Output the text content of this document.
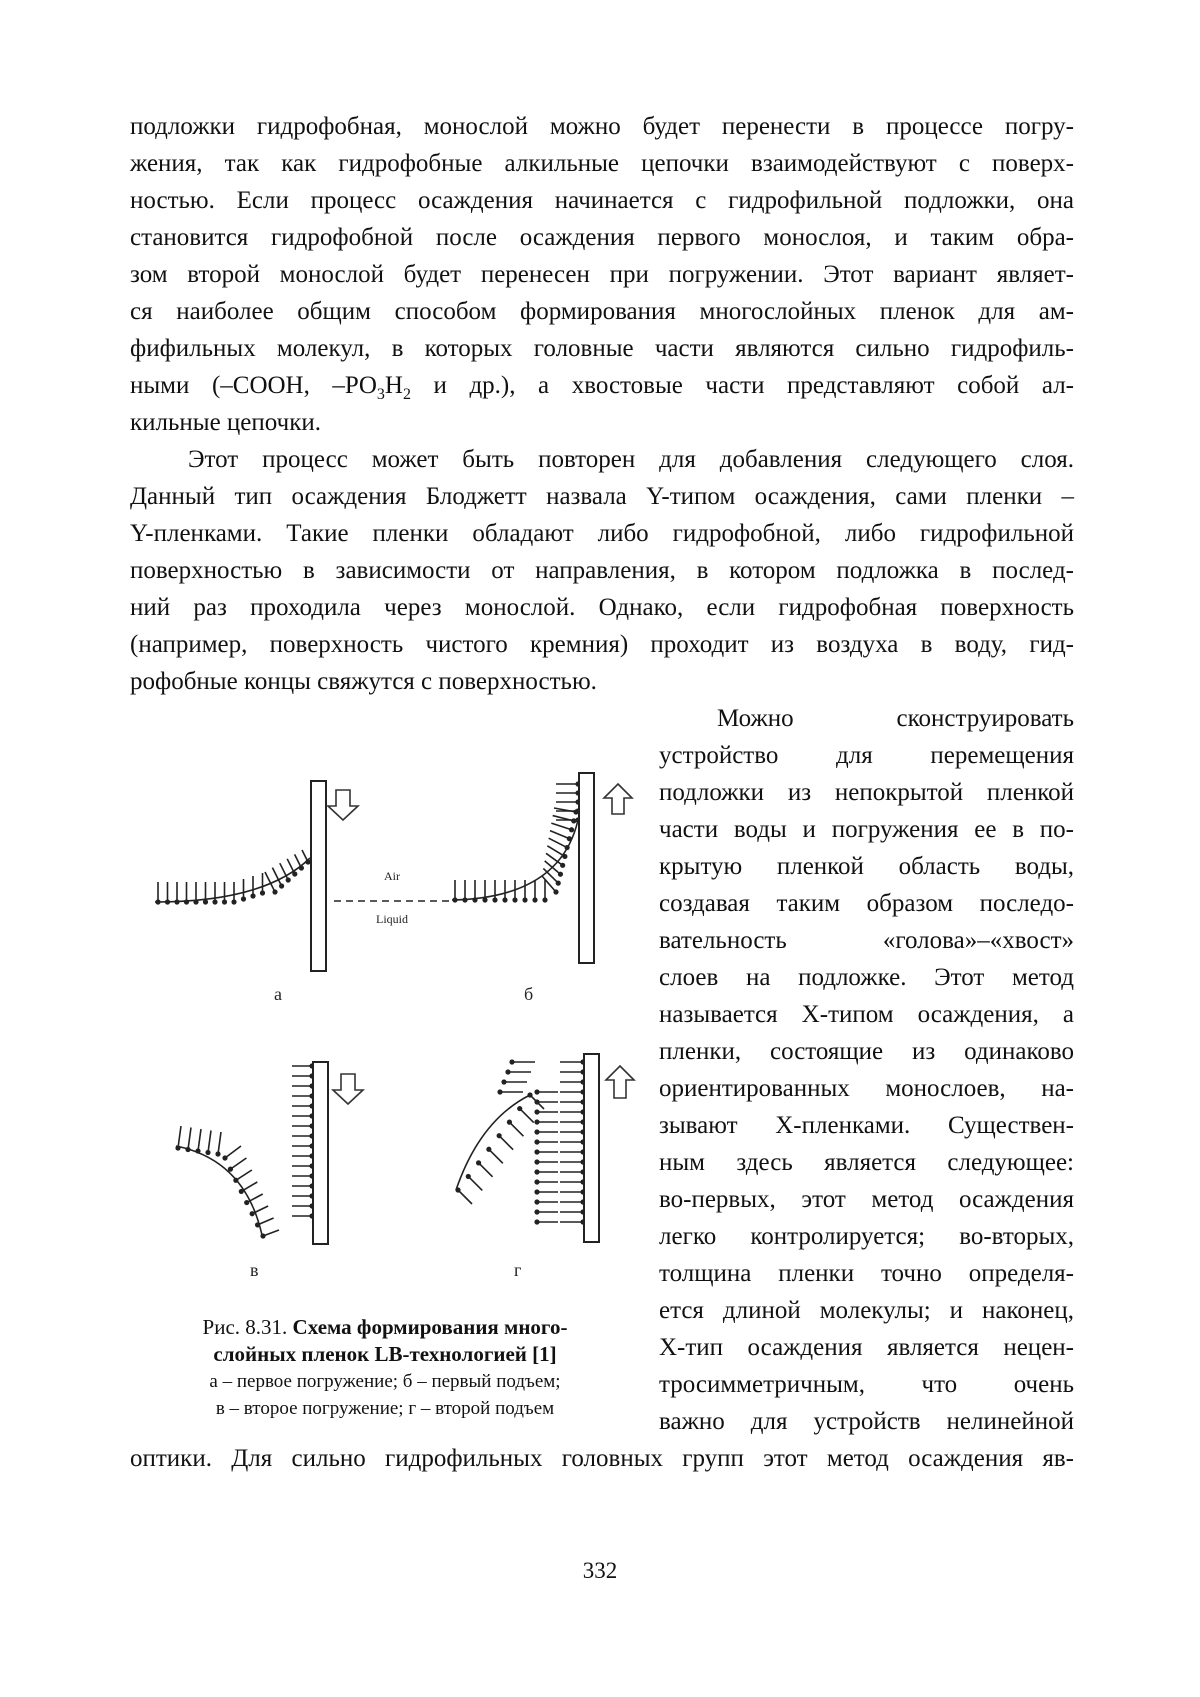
подложки гидрофобная, монослой можно будет перенести в процессе погру-

жения, так как гидрофобные алкильные цепочки взаимодействуют с поверх-

ностью. Если процесс осаждения начинается с гидрофильной подложки, она

становится гидрофобной после осаждения первого монослоя, и таким обра-

зом второй монослой будет перенесен при погружении. Этот вариант являет-

ся наиболее общим способом формирования многослойных пленок для ам-

фифильных молекул, в которых головные части являются сильно гидрофиль-

ными (–COOH, $-PO_3H_2$ и др.), а хвостовые части представляют собой ал-

кильные цепочки.

Этот процесс может быть повторен для добавления следующего слоя.

Данный тип осаждения Блоджетт назвала Y-типом осаждения, сами пленки –

Y-пленками. Такие пленки обладают либо гидрофобной, либо гидрофильной

поверхностью в зависимости от направления, в котором подложка в послед-

ний раз проходила через монослой. Однако, если гидрофобная поверхность

(например, поверхность чистого кремния) проходит из воздуха в воду, гид-

рофобные концы свяжутся с поверхностью.

Можно сконструировать

устройство для перемещения

подложки из непокрытой пленкой

части воды и погружения ее в по-

крытую пленкой область воды,

создавая таким образом последо-

вательность «голова»–«хвост»

слоев на подложке. Этот метод

называется X-типом осаждения, а

пленки, состоящие из одинаково

ориентированных монослоев, на-

зывают X-пленками. Существен-

ным здесь является следующее:

во-первых, этот метод осаждения

легко контролируется; во-вторых,

толщина пленки точно определя-

ется длиной молекулы; и наконец,

X-тип осаждения является нецен-

тросимметричным, что очень

важно для устройств нелинейной

оптики. Для сильно гидрофильных головных групп этот метод осаждения яв-

Air
Liquid
а	б
в	г

Рис. 8.31. Схема формирования много-

слойных пленок LB-технологией [1]

а – первое погружение; б – первый подъем;

в – второе погружение; г – второй подъем

332
